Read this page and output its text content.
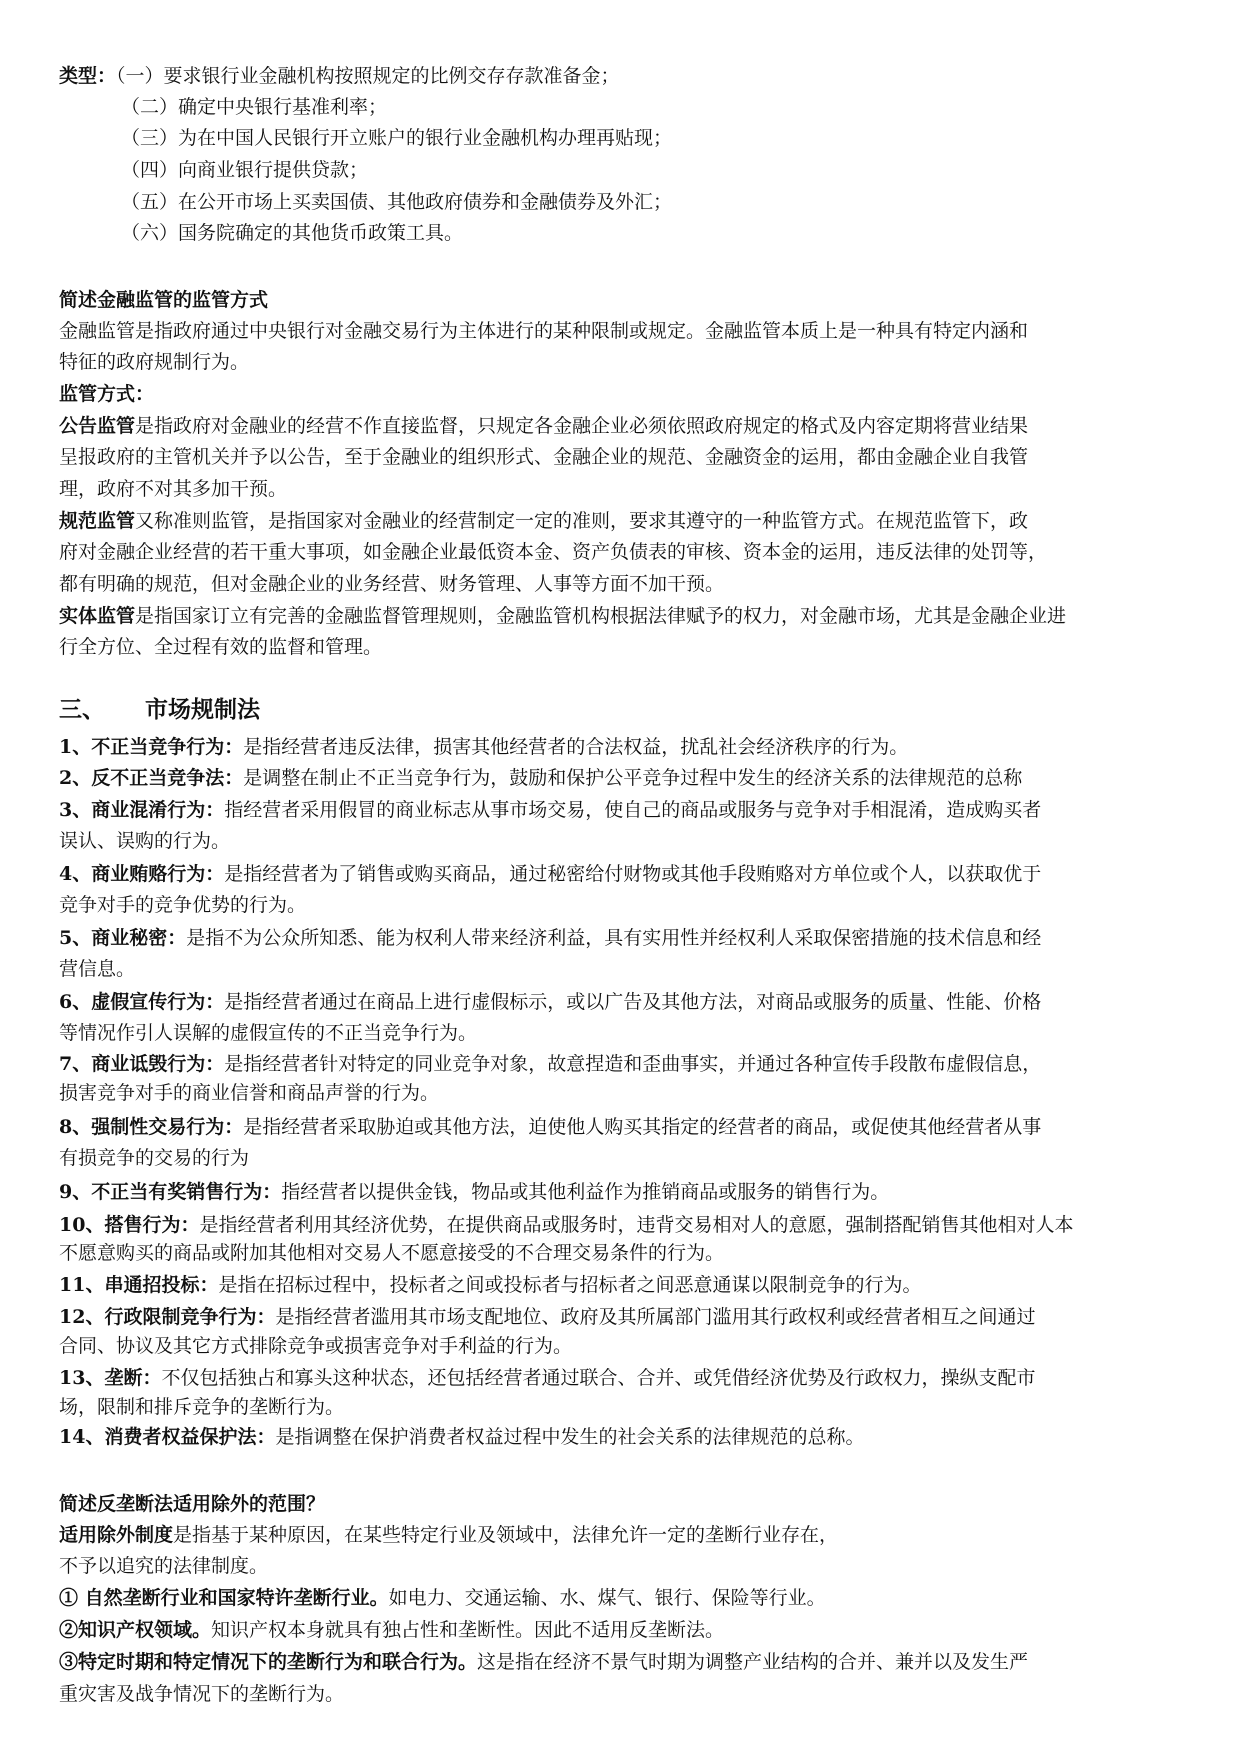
类型：（一）要求银行业金融机构按照规定的比例交存存款准备金；
（二）确定中央银行基准利率；
（三）为在中国人民银行开立账户的银行业金融机构办理再贴现；
（四）向商业银行提供贷款；
（五）在公开市场上买卖国债、其他政府债券和金融债券及外汇；
（六）国务院确定的其他货币政策工具。
简述金融监管的监管方式
金融监管是指政府通过中央银行对金融交易行为主体进行的某种限制或规定。金融监管本质上是一种具有特定内涵和
特征的政府规制行为。
监管方式：
公告监管是指政府对金融业的经营不作直接监督，只规定各金融企业必须依照政府规定的格式及内容定期将营业结果
呈报政府的主管机关并予以公告，至于金融业的组织形式、金融企业的规范、金融资金的运用，都由金融企业自我管
理，政府不对其多加干预。
规范监管又称准则监管，是指国家对金融业的经营制定一定的准则，要求其遵守的一种监管方式。在规范监管下，政
府对金融企业经营的若干重大事项，如金融企业最低资本金、资产负债表的审核、资本金的运用，违反法律的处罚等，
都有明确的规范，但对金融企业的业务经营、财务管理、人事等方面不加干预。
实体监管是指国家订立有完善的金融监督管理规则，金融监管机构根据法律赋予的权力，对金融市场，尤其是金融企业进
行全方位、全过程有效的监督和管理。
三、 市场规制法
1、不正当竞争行为：是指经营者违反法律，损害其他经营者的合法权益，扰乱社会经济秩序的行为。
2、反不正当竞争法：是调整在制止不正当竞争行为，鼓励和保护公平竞争过程中发生的经济关系的法律规范的总称
3、商业混淆行为：指经营者采用假冒的商业标志从事市场交易，使自己的商品或服务与竞争对手相混淆，造成购买者
误认、误购的行为。
4、商业贿赂行为：是指经营者为了销售或购买商品，通过秘密给付财物或其他手段贿赂对方单位或个人，以获取优于
竞争对手的竞争优势的行为。
5、商业秘密：是指不为公众所知悉、能为权利人带来经济利益，具有实用性并经权利人采取保密措施的技术信息和经
营信息。
6、虚假宣传行为：是指经营者通过在商品上进行虚假标示，或以广告及其他方法，对商品或服务的质量、性能、价格
等情况作引人误解的虚假宣传的不正当竞争行为。
7、商业诋毁行为：是指经营者针对特定的同业竞争对象，故意捏造和歪曲事实，并通过各种宣传手段散布虚假信息，
损害竞争对手的商业信誉和商品声誉的行为。
8、强制性交易行为：是指经营者采取胁迫或其他方法，迫使他人购买其指定的经营者的商品，或促使其他经营者从事
有损竞争的交易的行为
9、不正当有奖销售行为：指经营者以提供金钱，物品或其他利益作为推销商品或服务的销售行为。
10、搭售行为：是指经营者利用其经济优势，在提供商品或服务时，违背交易相对人的意愿，强制搭配销售其他相对人本
不愿意购买的商品或附加其他相对交易人不愿意接受的不合理交易条件的行为。
11、串通招投标：是指在招标过程中，投标者之间或投标者与招标者之间恶意通谋以限制竞争的行为。
12、行政限制竞争行为：是指经营者滥用其市场支配地位、政府及其所属部门滥用其行政权利或经营者相互之间通过
合同、协议及其它方式排除竞争或损害竞争对手利益的行为。
13、垄断：不仅包括独占和寡头这种状态，还包括经营者通过联合、合并、或凭借经济优势及行政权力，操纵支配市
场，限制和排斥竞争的垄断行为。
14、消费者权益保护法：是指调整在保护消费者权益过程中发生的社会关系的法律规范的总称。
简述反垄断法适用除外的范围？
适用除外制度是指基于某种原因，在某些特定行业及领域中，法律允许一定的垄断行业存在，
不予以追究的法律制度。
① 自然垄断行业和国家特许垄断行业。如电力、交通运输、水、煤气、银行、保险等行业。
②知识产权领域。知识产权本身就具有独占性和垄断性。因此不适用反垄断法。
③特定时期和特定情况下的垄断行为和联合行为。这是指在经济不景气时期为调整产业结构的合并、兼并以及发生严
重灾害及战争情况下的垄断行为。
